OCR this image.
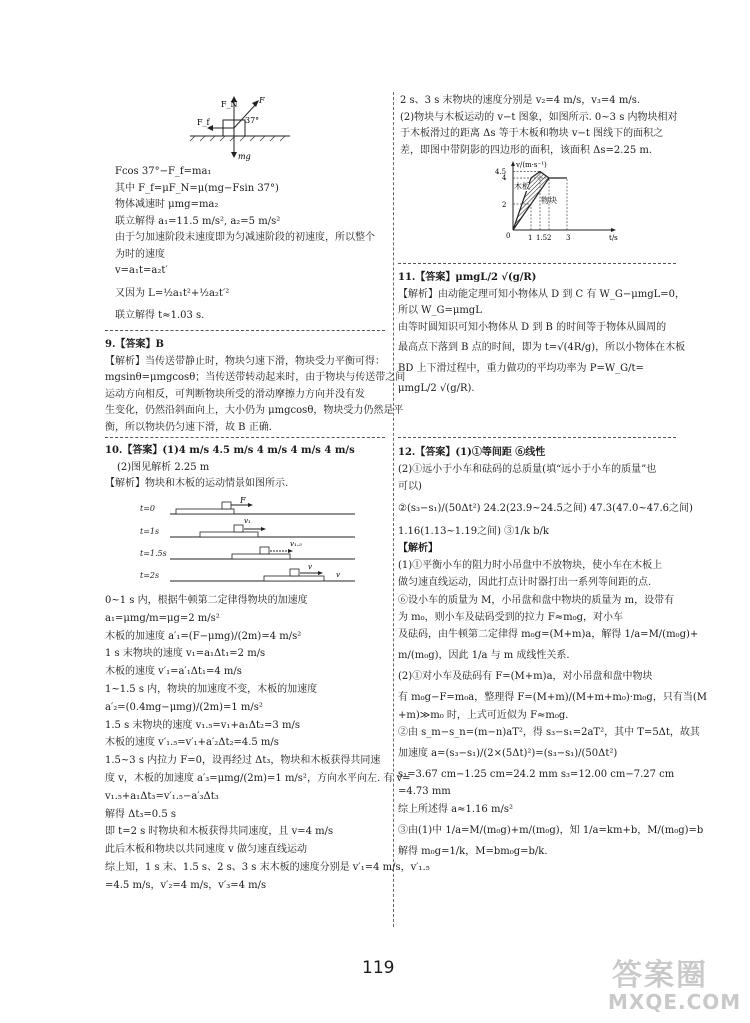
F_N	F
F_f	37°
mg
Fcos 37°−F_f=ma₁
其中 F_f=μF_N=μ(mg−Fsin 37°)
物体减速时 μmg=ma₂
联立解得 a₁=11.5 m/s², a₂=5 m/s²
由于匀加速阶段末速度即为匀减速阶段的初速度，所以整个
为时的速度
v=a₁t=a₂t′
又因为 L=½a₁t²+½a₂t′²
联立解得 t≈1.03 s.
9.【答案】B
【解析】当传送带静止时，物块匀速下滑，物块受力平衡可得：
mgsinθ=μmgcosθ；当传送带转动起来时，由于物块与传送带之间
运动方向相反，可判断物块所受的滑动摩擦力方向并没有发
生变化，仍然沿斜面向上，大小仍为 μmgcosθ，物块受力仍然是平
衡，所以物块仍匀速下滑，故 B 正确.
10.【答案】(1)4 m/s 4.5 m/s 4 m/s 4 m/s 4 m/s
(2)图见解析 2.25 m
【解析】物块和木板的运动情景如图所示.
t=0
t=1s
t=1.5s
t=2s
F
v₁
v₁.₅
v
v
0~1 s 内，根据牛顿第二定律得物块的加速度
a₁=μmg/m=μg=2 m/s²
木板的加速度 a′₁=(F−μmg)/(2m)=4 m/s²
1 s 末物块的速度 v₁=a₁Δt₁=2 m/s
木板的速度 v′₁=a′₁Δt₁=4 m/s
1~1.5 s 内，物块的加速度不变，木板的加速度
a′₂=(0.4mg−μmg)/(2m)=1 m/s²
1.5 s 末物块的速度 v₁.₅=v₁+a₁Δt₂=3 m/s
木板的速度 v′₁.₅=v′₁+a′₂Δt₂=4.5 m/s
1.5~3 s 内拉力 F=0，设再经过 Δt₃，物块和木板获得共同速
度 v，木板的加速度 a′₃=μmg/(2m)=1 m/s²，方向水平向左. 有 v=
v₁.₅+a₁Δt₃=v′₁.₅−a′₃Δt₃
解得 Δt₃=0.5 s
即 t=2 s 时物块和木板获得共同速度，且 v=4 m/s
此后木板和物块以共同速度 v 做匀速直线运动
综上知，1 s 末、1.5 s、2 s、3 s 末木板的速度分别是 v′₁=4 m/s，v′₁.₅
=4.5 m/s，v′₂=4 m/s，v′₃=4 m/s
2 s、3 s 末物块的速度分别是 v₂=4 m/s，v₃=4 m/s.
(2)物块与木板运动的 v−t 图象，如图所示. 0~3 s 内物块相对
于木板滑过的距离 Δs 等于木板和物块 v−t 图线下的面积之
差，即图中带阴影的四边形的面积，该面积 Δs=2.25 m.
v/(m·s⁻¹)
t/s
0
4.5
4
2
1 1.5 2 3
木板
物块
11.【答案】μmgL/2 √(g/R)
【解析】由动能定理可知小物体从 D 到 C 有 W_G−μmgL=0，
所以 W_G=μmgL
由等时圆知识可知小物体从 D 到 B 的时间等于物体从圆周的
最高点下落到 B 点的时间，即为 t=√(4R/g)，所以小物体在木板
BD 上下滑过程中，重力做功的平均功率为 P=W_G/t=
μmgL/2 √(g/R).
12.【答案】(1)①等间距 ⑥线性
(2)①远小于小车和砝码的总质量(填“远小于小车的质量”也
可以)
②(s₃−s₁)/(50Δt²) 24.2(23.9~24.5之间) 47.3(47.0~47.6之间)
1.16(1.13~1.19之间) ③1/k b/k
【解析】
(1)①平衡小车的阻力时小吊盘中不放物块，使小车在木板上
做匀速直线运动，因此打点计时器打出一系列等间距的点.
⑥设小车的质量为 M，小吊盘和盘中物块的质量为 m，设带有
为 m₀，则小车及砝码受到的拉力 F≈m₀g，对小车
及砝码，由牛顿第二定律得 m₀g=(M+m)a，解得 1/a=M/(m₀g)+
m/(m₀g)，因此 1/a 与 m 成线性关系.
(2)①对小车及砝码有 F=(M+m)a，对小吊盘和盘中物块
有 m₀g−F=m₀a，整理得 F=(M+m)/(M+m+m₀)·m₀g，只有当(M
+m)≫m₀ 时，上式可近似为 F≈m₀g.
②由 s_m−s_n=(m−n)aT²，得 s₃−s₁=2aT²，其中 T=5Δt，故其
加速度 a=(s₃−s₁)/(2×(5Δt)²)=(s₃−s₁)/(50Δt²)
s₁=3.67 cm−1.25 cm=24.2 mm s₃=12.00 cm−7.27 cm
=4.73 mm
综上所述得 a≈1.16 m/s²
③由(1)中 1/a=M/(m₀g)+m/(m₀g)，知 1/a=km+b，M/(m₀g)=b
解得 m₀g=1/k，M=bm₀g=b/k.
119	答案圈
MXQE.COM
